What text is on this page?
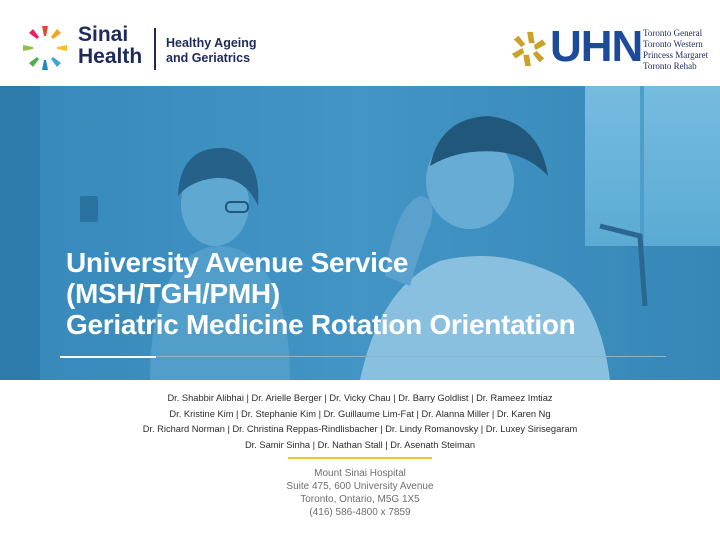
Sinai
Health
Healthy Ageing
and Geriatrics	UHN Toronto General
Toronto Western
Princess Margaret
Toronto Rehab
University Avenue Service
(MSH/TGH/PMH)
Geriatric Medicine Rotation Orientation
Dr. Shabbir Alibhai | Dr. Arielle Berger | Dr. Vicky Chau | Dr. Barry Goldlist | Dr. Rameez Imtiaz
Dr. Kristine Kim | Dr. Stephanie Kim | Dr. Guillaume Lim-Fat | Dr. Alanna Miller | Dr. Karen Ng
Dr. Richard Norman | Dr. Christina Reppas-Rindlisbacher | Dr. Lindy Romanovsky | Dr. Luxey Sirisegaram
Dr. Samir Sinha | Dr. Nathan Stall | Dr. Asenath Steiman
Mount Sinai Hospital
Suite 475, 600 University Avenue
Toronto, Ontario, M5G 1X5
(416) 586-4800 x 7859
